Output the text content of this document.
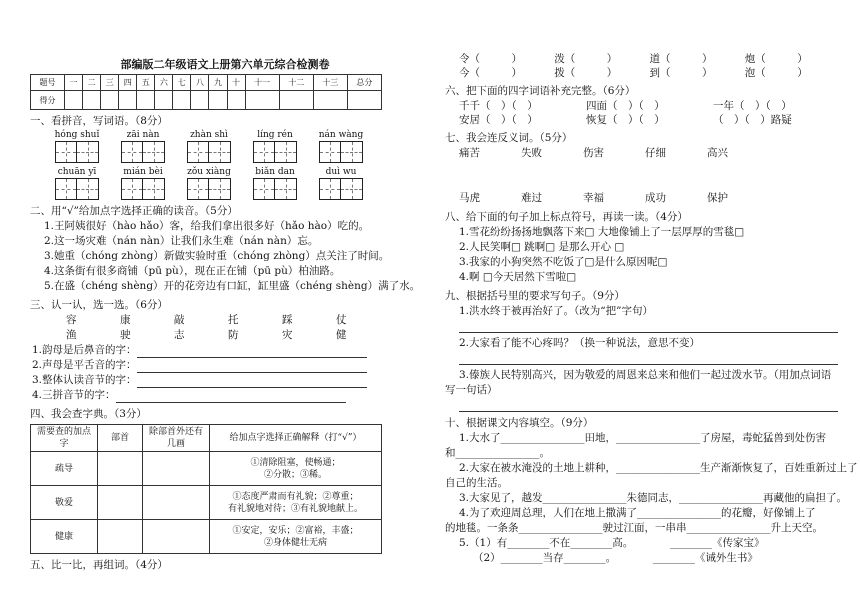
部编版二年级语文上册第六单元综合检测卷
题号	一	二	三	四	五	六	七	八	九	十	十一	十二	十三	总分
得分														
一、看拼音，写词语。（8分）
hóng shuǐ	zāi nàn	zhàn shì	líng rén	nán wàng
chuān yī	mián bèi	zǒu xiàng	biǎn dan	duì wu
二、用“√”给加点字选择正确的读音。（5分）
1.王阿姨很好（hào hǎo）客，给我们拿出很多好（hǎo hào）吃的。
2.这一场灾难（nán nàn）让我们永生难（nán nàn）忘。
3.她重（chóng zhòng）新做实验时重（chóng zhòng）点关注了时间。
4.这条街有很多商铺（pū pù），现在正在铺（pū pù）柏油路。
5.在盛（chéng shèng）开的花旁边有口缸，缸里盛（chéng shèng）满了水。
三、认一认，选一选。（6分）
容	康	敲	托	踩	仗
渔	驶	志	防	灾	健
1.韵母是后鼻音的字：
2.声母是平舌音的字：
3.整体认读音节的字：
4.三拼音节的字：
四、我会查字典。（3分）
需要查的加点字	部首	除部首外还有几画	给加点字选择正确解释（打“√”）
疏导			①清除阻塞，使畅通；
②分散；③稀。

敬爱			①态度严肃而有礼貌；②尊重；
有礼貌地对待；③有礼貌地献上。

健康			①安定，安乐；②富裕，丰盛；
②身体健壮无病
五、比一比，再组词。（4分）
令（　　　）	泼（　　　）	道（　　　）	炮（　　　）
今（　　　）	拨（　　　）	到（　　　）	泡（　　　）
六、把下面的四字词语补充完整。（6分）
千千（　）（　）	四面（　）（　）	一年（　）（　）
安居（　）（　）	恢复（　）（　）	（　）（　）路疑
七、我会连反义词。（5分）
痛苦	失败	伤害	仔细	高兴
马虎	难过	幸福	成功	保护
八、给下面的句子加上标点符号，再读一读。（4分）
1.雪花纷纷扬扬地飘落下来□ 大地像铺上了一层厚厚的雪毯□
2.人民笑啊□ 跳啊□ 是那么开心 □
3.我家的小狗突然不吃饭了□是什么原因呢□
4.啊 □今天居然下雪啦□
九、根据括号里的要求写句子。（9分）
1.洪水终于被再治好了。（改为“把”字句）
2.大家看了能不心疼吗？（换一种说法，意思不变）
3.傣族人民特别高兴，因为敬爱的周恩来总来和他们一起过泼水节。（用加点词语
写一句话）
十、根据课文内容填空。（9分）
1.大水了________________田地，________________了房屋，毒蛇猛兽到处伤害
和________________。
2.大家在被水淹没的土地上耕种，________________生产渐渐恢复了，百姓重新过上了
自己的生活。
3.大家见了，越发________________朱德同志，________________再藏他的扁担了。
4.为了欢迎周总理，人们在地上撒满了________________的花瓣，好像铺上了
的地毯。一条条________________驶过江面，一串串________________升上天空。
5.（1）有________不在________高。　　　　________《传家宝》
（2）________当存________。　　　　________《诫外生书》
